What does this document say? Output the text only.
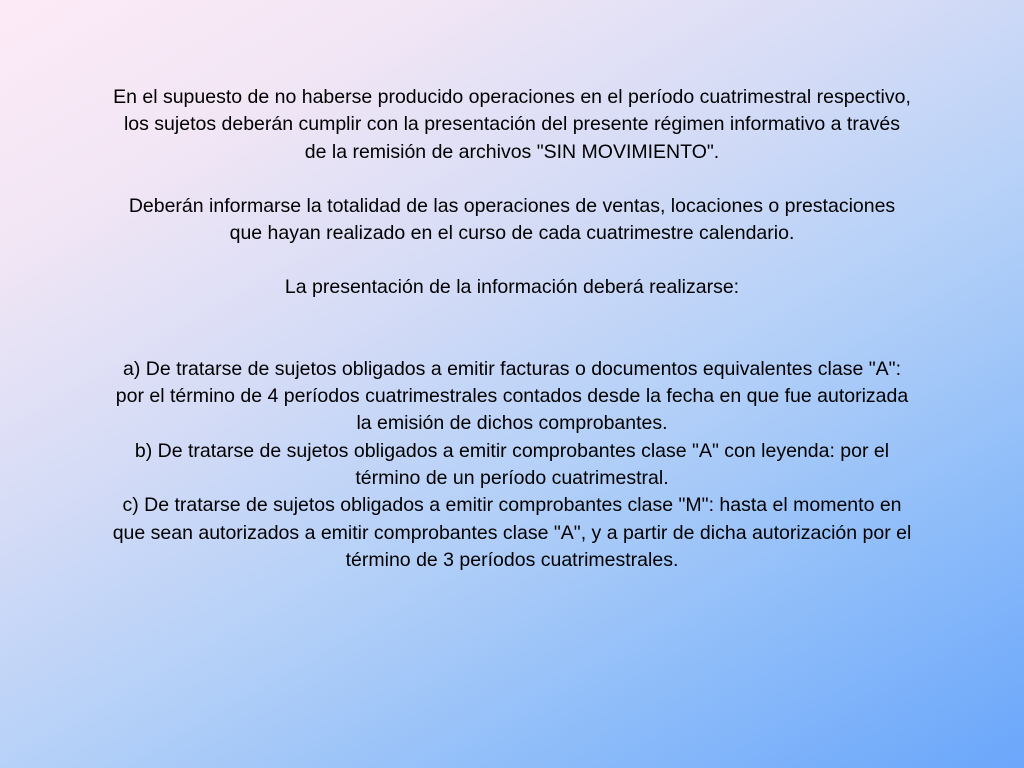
En el supuesto de no haberse producido operaciones en el período cuatrimestral respectivo, los sujetos deberán cumplir con la presentación del presente régimen informativo a través de la remisión de archivos "SIN MOVIMIENTO".

Deberán informarse la totalidad de las operaciones de ventas, locaciones o prestaciones que hayan realizado en el curso de cada cuatrimestre calendario.

La presentación de la información deberá realizarse:

a) De tratarse de sujetos obligados a emitir facturas o documentos equivalentes clase "A": por el término de 4 períodos cuatrimestrales contados desde la fecha en que fue autorizada la emisión de dichos comprobantes.

b) De tratarse de sujetos obligados a emitir comprobantes clase "A" con leyenda: por el término de un período cuatrimestral.

c) De tratarse de sujetos obligados a emitir comprobantes clase "M": hasta el momento en que sean autorizados a emitir comprobantes clase "A", y a partir de dicha autorización por el término de 3 períodos cuatrimestrales.
